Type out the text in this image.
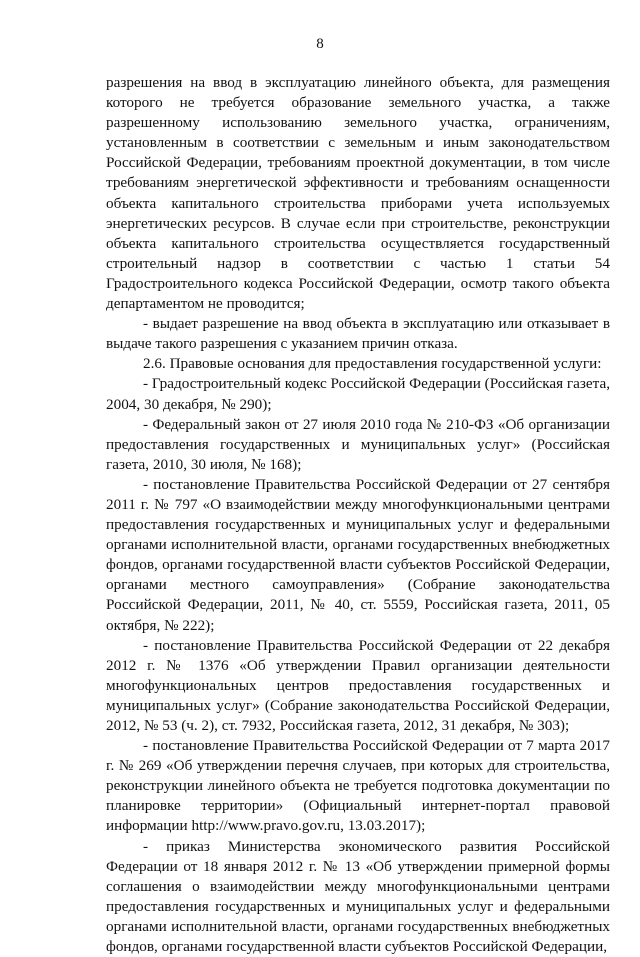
8

разрешения на ввод в эксплуатацию линейного объекта, для размещения которого не требуется образование земельного участка, а также разрешенному использованию земельного участка, ограничениям, установленным в соответствии с земельным и иным законодательством Российской Федерации, требованиям проектной документации, в том числе требованиям энергетической эффективности и требованиям оснащенности объекта капитального строительства приборами учета используемых энергетических ресурсов. В случае если при строительстве, реконструкции объекта капитального строительства осуществляется государственный строительный надзор в соответствии с частью 1 статьи 54 Градостроительного кодекса Российской Федерации, осмотр такого объекта департаментом не проводится;

- выдает разрешение на ввод объекта в эксплуатацию или отказывает в выдаче такого разрешения с указанием причин отказа.

2.6. Правовые основания для предоставления государственной услуги:

- Градостроительный кодекс Российской Федерации (Российская газета, 2004, 30 декабря, № 290);

- Федеральный закон от 27 июля 2010 года № 210-ФЗ «Об организации предоставления государственных и муниципальных услуг» (Российская газета, 2010, 30 июля, № 168);

- постановление Правительства Российской Федерации от 27 сентября 2011 г. № 797 «О взаимодействии между многофункциональными центрами предоставления государственных и муниципальных услуг и федеральными органами исполнительной власти, органами государственных внебюджетных фондов, органами государственной власти субъектов Российской Федерации, органами местного самоуправления» (Собрание законодательства Российской Федерации, 2011, № 40, ст. 5559, Российская газета, 2011, 05 октября, № 222);

- постановление Правительства Российской Федерации от 22 декабря 2012 г. № 1376 «Об утверждении Правил организации деятельности многофункциональных центров предоставления государственных и муниципальных услуг» (Собрание законодательства Российской Федерации, 2012, № 53 (ч. 2), ст. 7932, Российская газета, 2012, 31 декабря, № 303);

- постановление Правительства Российской Федерации от 7 марта 2017 г. № 269 «Об утверждении перечня случаев, при которых для строительства, реконструкции линейного объекта не требуется подготовка документации по планировке территории» (Официальный интернет-портал правовой информации http://www.pravo.gov.ru, 13.03.2017);

- приказ Министерства экономического развития Российской Федерации от 18 января 2012 г. № 13 «Об утверждении примерной формы соглашения о взаимодействии между многофункциональными центрами предоставления государственных и муниципальных услуг и федеральными органами исполнительной власти, органами государственных внебюджетных фондов, органами государственной власти субъектов Российской Федерации,
